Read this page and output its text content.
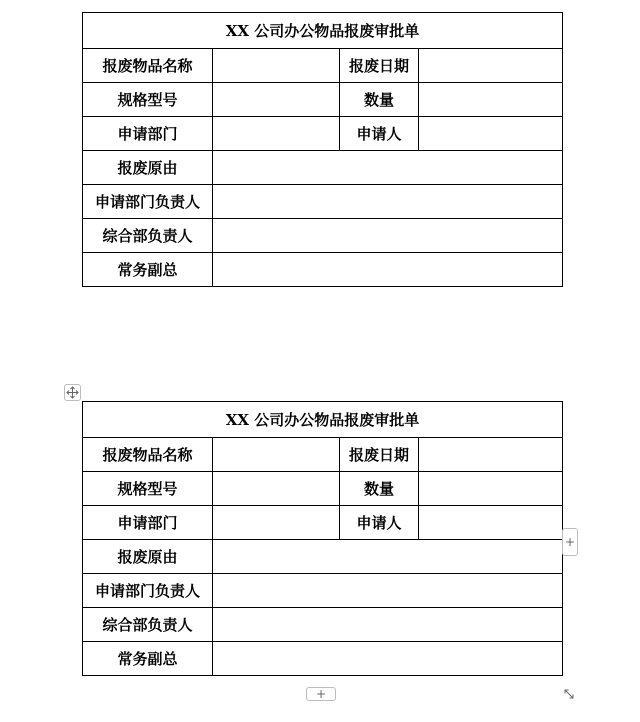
XX 公司办公物品报废审批单			
报废物品名称		报废日期	
规格型号		数量	
申请部门		申请人	
报废原由			
申请部门负责人			
综合部负责人			
常务副总			
XX 公司办公物品报废审批单			
报废物品名称		报废日期	
规格型号		数量	
申请部门		申请人	
报废原由			
申请部门负责人			
综合部负责人			
常务副总			
+
+
